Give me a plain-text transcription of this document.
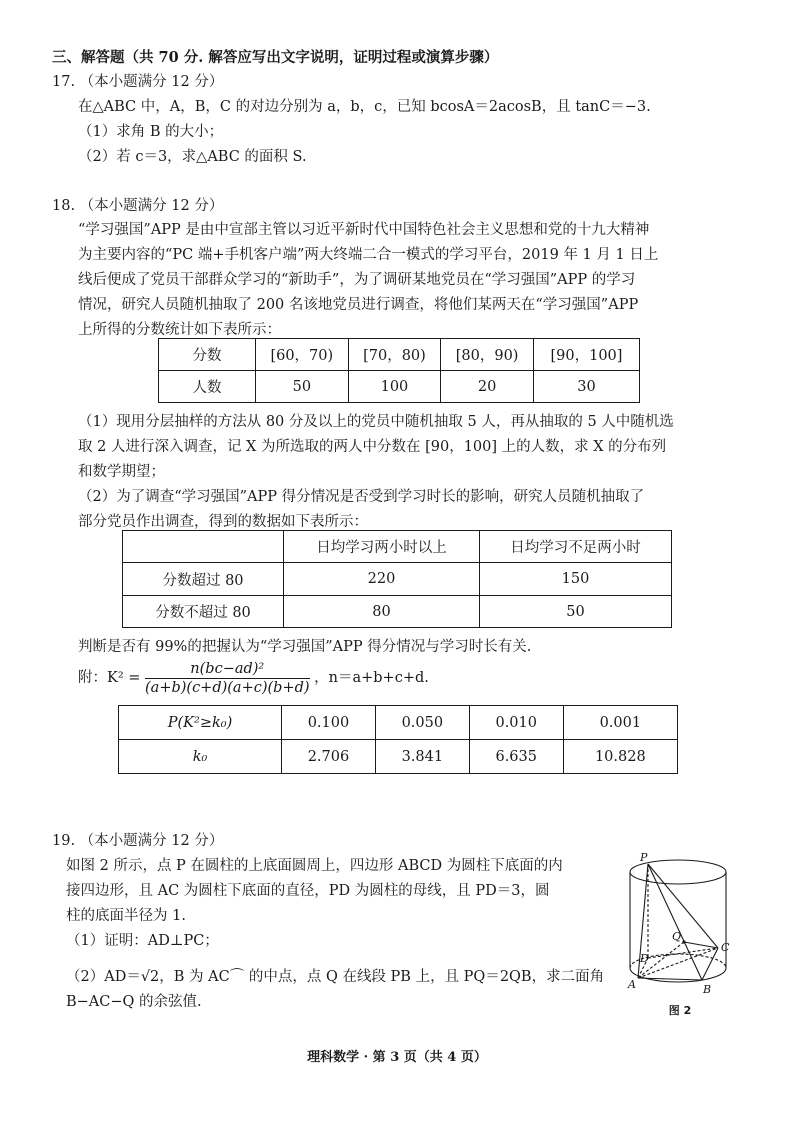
三、解答题（共 70 分. 解答应写出文字说明，证明过程或演算步骤）
17. （本小题满分 12 分）
在△ABC 中，A，B，C 的对边分别为 a，b，c，已知 bcosA＝2acosB，且 tanC＝−3.
（1）求角 B 的大小；
（2）若 c＝3，求△ABC 的面积 S.
18. （本小题满分 12 分）
“学习强国”APP 是由中宣部主管以习近平新时代中国特色社会主义思想和党的十九大精神
为主要内容的“PC 端+手机客户端”两大终端二合一模式的学习平台，2019 年 1 月 1 日上
线后便成了党员干部群众学习的“新助手”，为了调研某地党员在“学习强国”APP 的学习
情况，研究人员随机抽取了 200 名该地党员进行调查，将他们某两天在“学习强国”APP
上所得的分数统计如下表所示：
分数	[60，70)	[70，80)	[80，90)	[90，100]
人数	50	100	20	30
（1）现用分层抽样的方法从 80 分及以上的党员中随机抽取 5 人，再从抽取的 5 人中随机选
取 2 人进行深入调查，记 X 为所选取的两人中分数在 [90，100] 上的人数，求 X 的分布列
和数学期望；
（2）为了调查“学习强国”APP 得分情况是否受到学习时长的影响，研究人员随机抽取了
部分党员作出调查，得到的数据如下表所示：
	日均学习两小时以上	日均学习不足两小时
分数超过 80	220	150
分数不超过 80	80	50
判断是否有 99%的把握认为“学习强国”APP 得分情况与学习时长有关.
附：$K^2 = \frac{\text{n(bc−ad)²}}{(a+b)(c+d)(a+c)(b+d)}$ ，n＝a+b+c+d.
P(K²≥k₀)	0.100	0.050	0.010	0.001
k₀	2.706	3.841	6.635	10.828
19. （本小题满分 12 分）
如图 2 所示，点 P 在圆柱的上底面圆周上，四边形 ABCD 为圆柱下底面的内
接四边形，且 AC 为圆柱下底面的直径，PD 为圆柱的母线，且 PD＝3，圆
柱的底面半径为 1.
（1）证明：AD⊥PC；
（2）AD＝√2，B 为 AC⌒ 的中点，点 Q 在线段 PB 上，且 PQ＝2QB，求二面角
B−AC−Q 的余弦值.
P
Q
D
C
A	B
图 2
理科数学 · 第 3 页（共 4 页）
